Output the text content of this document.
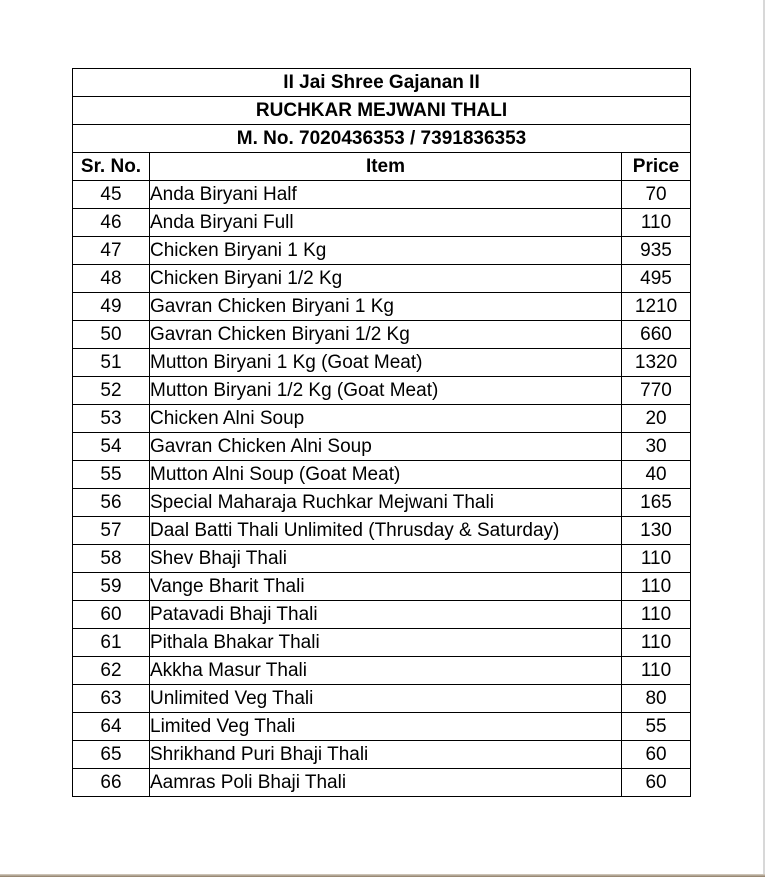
II Jai Shree Gajanan II		
RUCHKAR MEJWANI THALI		
M. No. 7020436353 / 7391836353		
Sr. No.	Item	Price
45	Anda Biryani Half	70
46	Anda Biryani Full	110
47	Chicken Biryani 1 Kg	935
48	Chicken Biryani 1/2 Kg	495
49	Gavran Chicken Biryani 1 Kg	1210
50	Gavran Chicken Biryani 1/2 Kg	660
51	Mutton Biryani 1 Kg (Goat Meat)	1320
52	Mutton Biryani 1/2 Kg (Goat Meat)	770
53	Chicken Alni Soup	20
54	Gavran Chicken Alni Soup	30
55	Mutton Alni Soup (Goat Meat)	40
56	Special Maharaja Ruchkar Mejwani Thali	165
57	Daal Batti Thali Unlimited (Thrusday & Saturday)	130
58	Shev Bhaji Thali	110
59	Vange Bharit Thali	110
60	Patavadi Bhaji Thali	110
61	Pithala Bhakar Thali	110
62	Akkha Masur Thali	110
63	Unlimited Veg Thali	80
64	Limited Veg Thali	55
65	Shrikhand Puri Bhaji Thali	60
66	Aamras Poli Bhaji Thali	60
